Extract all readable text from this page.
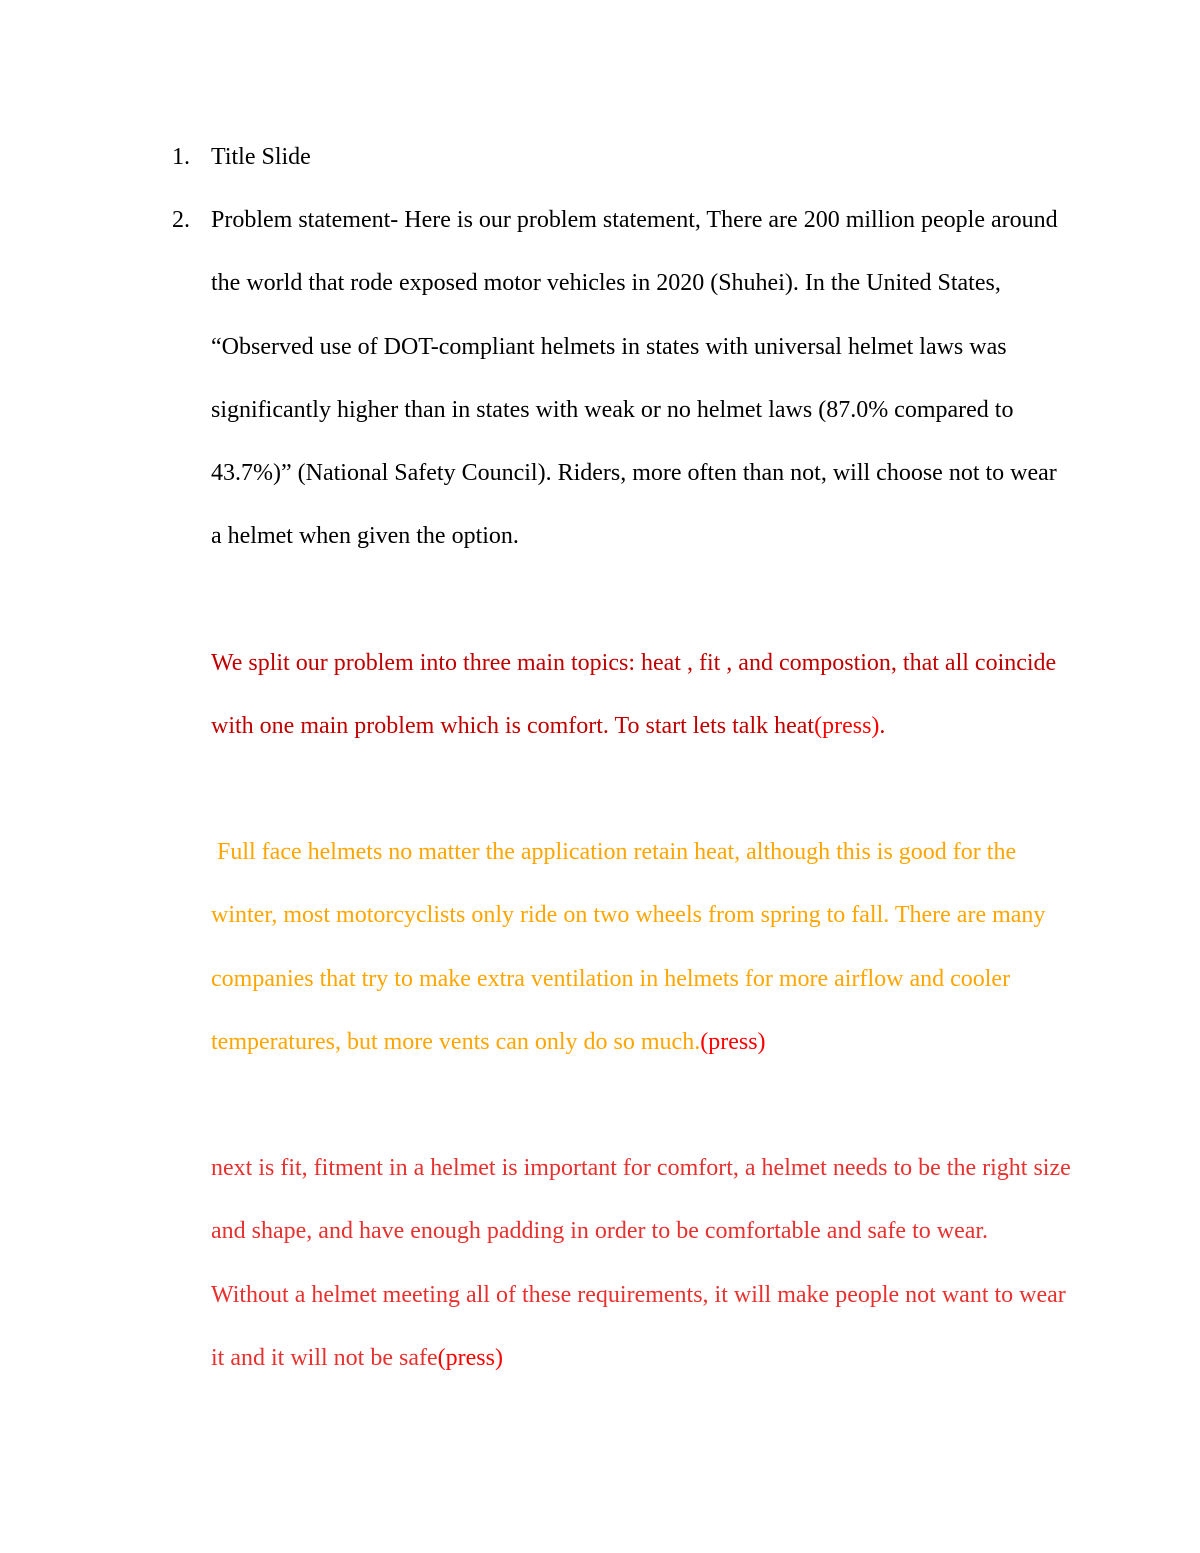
1. Title Slide
2. Problem statement- Here is our problem statement, There are 200 million people around the world that rode exposed motor vehicles in 2020 (Shuhei). In the United States, “Observed use of DOT-compliant helmets in states with universal helmet laws was significantly higher than in states with weak or no helmet laws (87.0% compared to 43.7%)” (National Safety Council). Riders, more often than not, will choose not to wear a helmet when given the option.
We split our problem into three main topics: heat , fit , and compostion, that all coincide with one main problem which is comfort. To start lets talk heat(press).
Full face helmets no matter the application retain heat, although this is good for the winter, most motorcyclists only ride on two wheels from spring to fall. There are many companies that try to make extra ventilation in helmets for more airflow and cooler temperatures, but more vents can only do so much.(press)
next is fit, fitment in a helmet is important for comfort, a helmet needs to be the right size and shape, and have enough padding in order to be comfortable and safe to wear. Without a helmet meeting all of these requirements, it will make people not want to wear it and it will not be safe(press)
